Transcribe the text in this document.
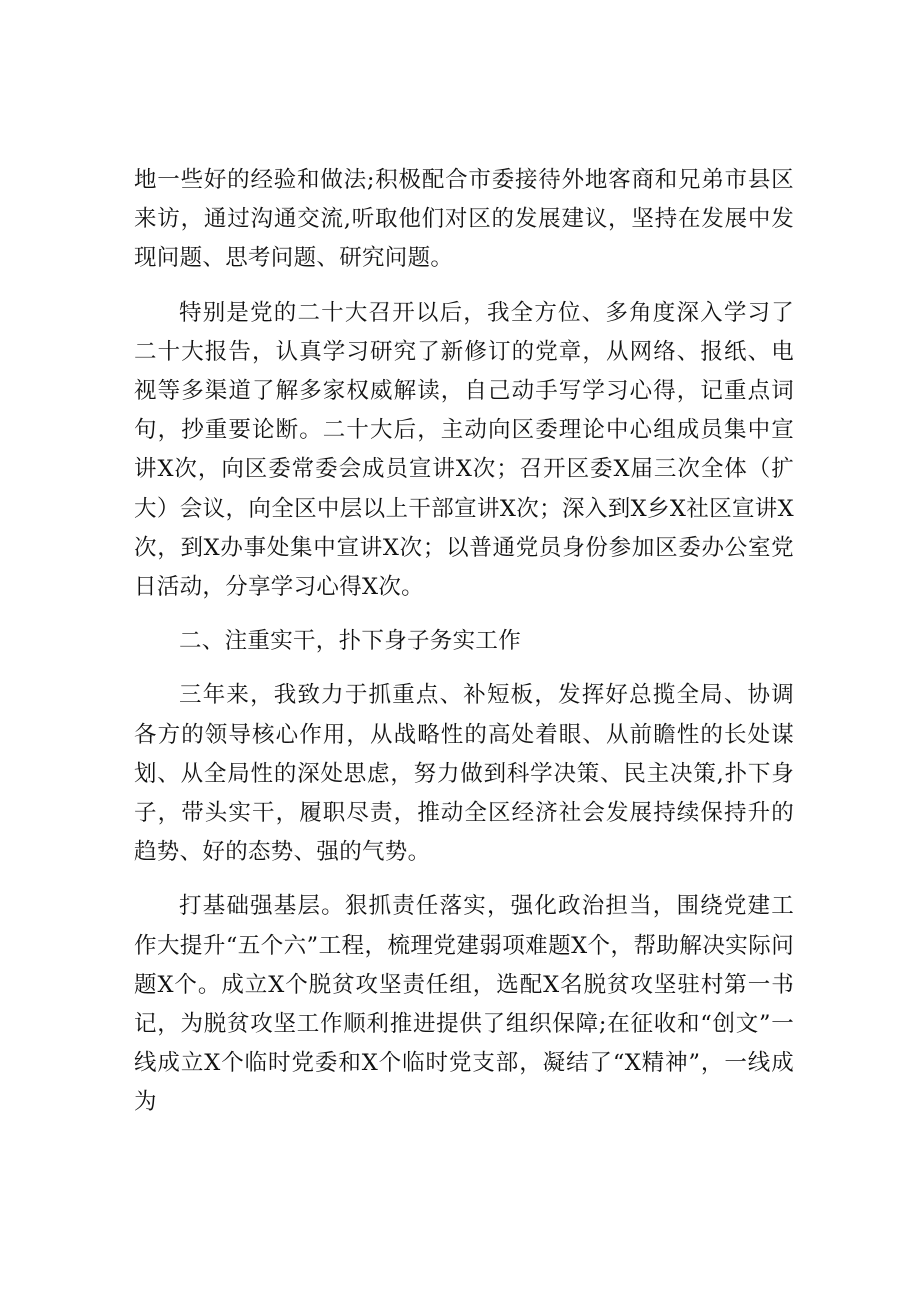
地一些好的经验和做法;积极配合市委接待外地客商和兄弟市县区来访，通过沟通交流,听取他们对区的发展建议，坚持在发展中发现问题、思考问题、研究问题。

特别是党的二十大召开以后，我全方位、多角度深入学习了二十大报告，认真学习研究了新修订的党章，从网络、报纸、电视等多渠道了解多家权威解读，自己动手写学习心得，记重点词句，抄重要论断。二十大后，主动向区委理论中心组成员集中宣讲X次，向区委常委会成员宣讲X次；召开区委X届三次全体（扩大）会议，向全区中层以上干部宣讲X次；深入到X乡X社区宣讲X次，到X办事处集中宣讲X次；以普通党员身份参加区委办公室党日活动，分享学习心得X次。

二、注重实干，扑下身子务实工作

三年来，我致力于抓重点、补短板，发挥好总揽全局、协调各方的领导核心作用，从战略性的高处着眼、从前瞻性的长处谋划、从全局性的深处思虑，努力做到科学决策、民主决策,扑下身子，带头实干，履职尽责，推动全区经济社会发展持续保持升的趋势、好的态势、强的气势。

打基础强基层。狠抓责任落实，强化政治担当，围绕党建工作大提升“五个六”工程，梳理党建弱项难题X个，帮助解决实际问题X个。成立X个脱贫攻坚责任组，选配X名脱贫攻坚驻村第一书记，为脱贫攻坚工作顺利推进提供了组织保障;在征收和“创文”一线成立X个临时党委和X个临时党支部，凝结了“X精神”，一线成为
